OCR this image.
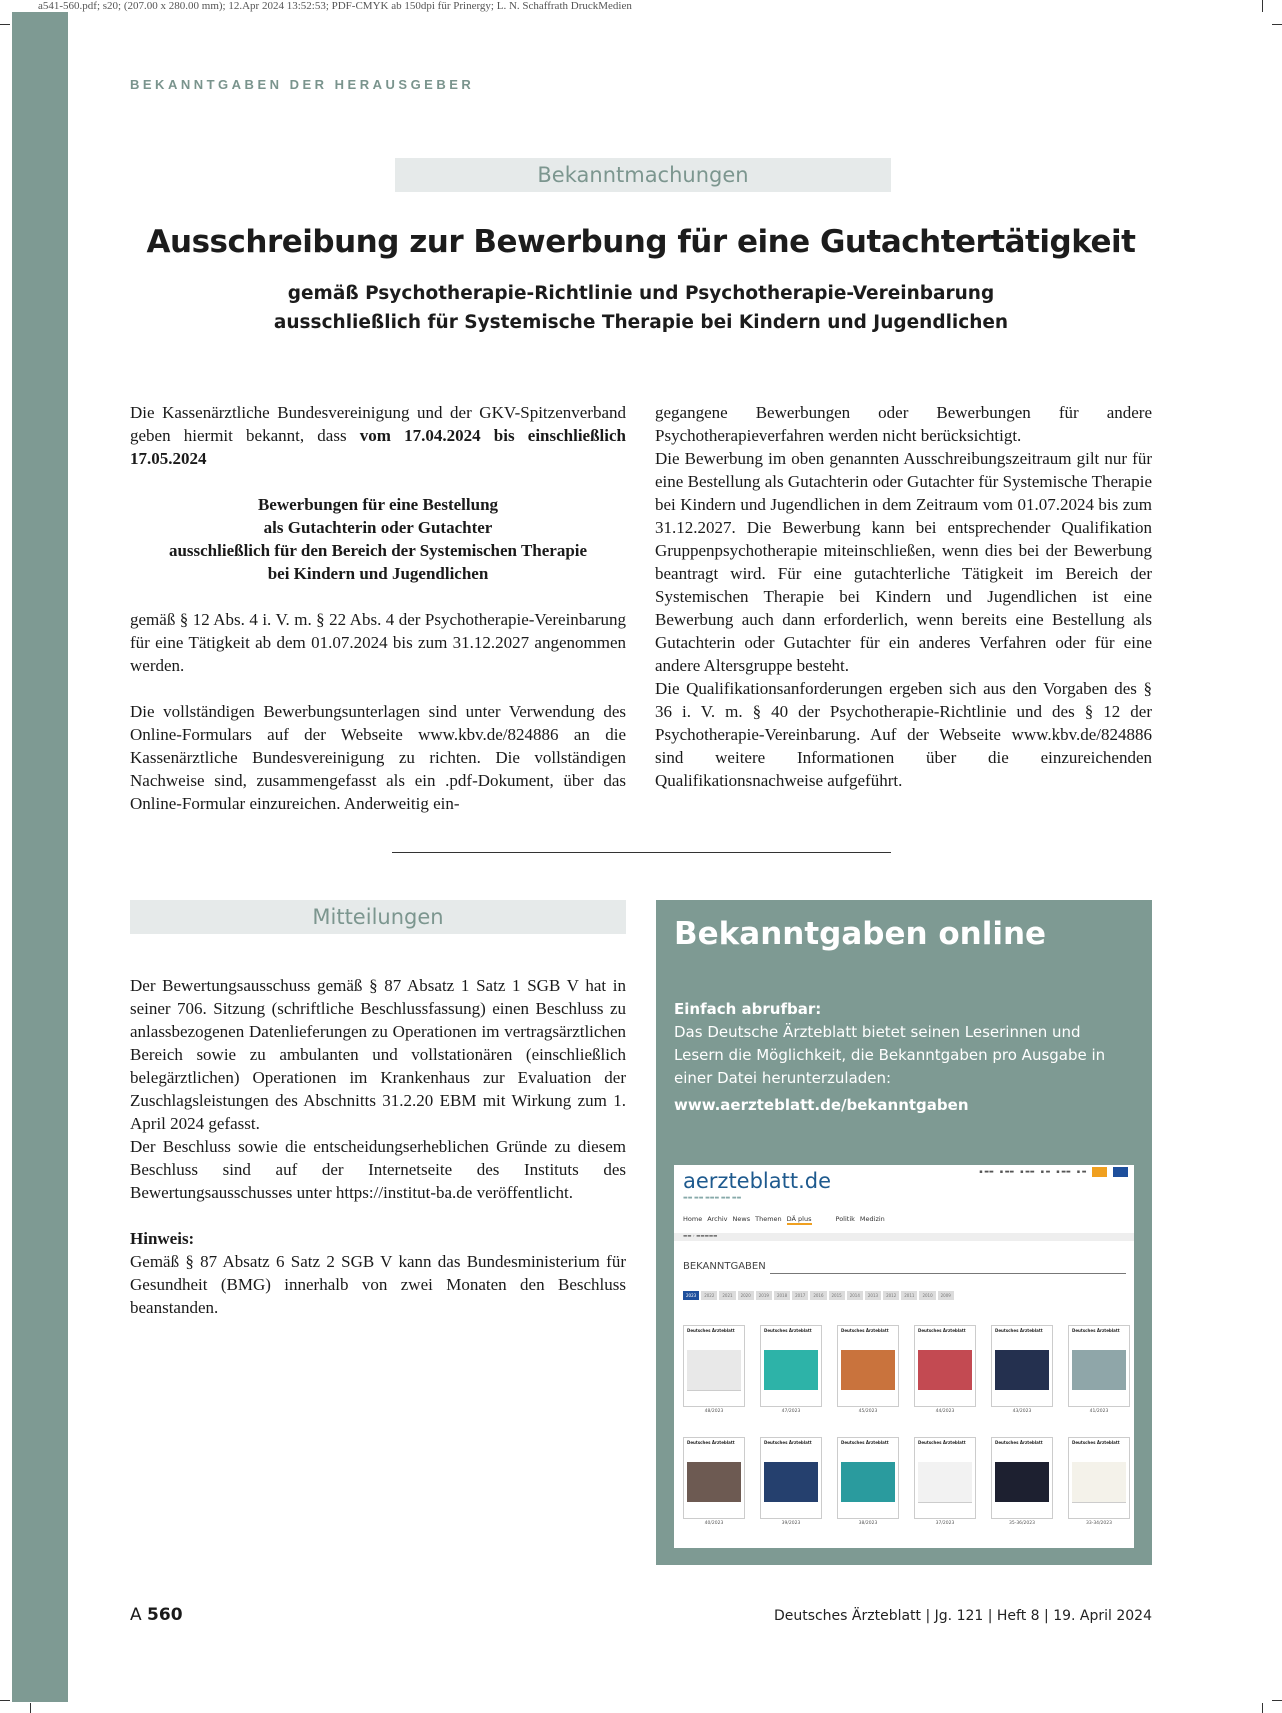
a541-560.pdf; s20; (207.00 x 280.00 mm); 12.Apr 2024 13:52:53; PDF-CMYK ab 150dpi für Prinergy; L. N. Schaffrath DruckMedien
BEKANNTGABEN DER HERAUSGEBER
Bekanntmachungen
Ausschreibung zur Bewerbung für eine Gutachtertätigkeit
gemäß Psychotherapie-Richtlinie und Psychotherapie-Vereinbarung
ausschließlich für Systemische Therapie bei Kindern und Jugendlichen

Die Kassenärztliche Bundesvereinigung und der GKV-Spitzenverband geben hiermit bekannt, dass vom 17.04.2024 bis einschließlich 17.05.2024

Bewerbungen für eine Bestellung
als Gutachterin oder Gutachter
ausschließlich für den Bereich der Systemischen Therapie
bei Kindern und Jugendlichen

gemäß § 12 Abs. 4 i. V. m. § 22 Abs. 4 der Psychotherapie-Vereinbarung für eine Tätigkeit ab dem 01.07.2024 bis zum 31.12.2027 angenommen werden.

Die vollständigen Bewerbungsunterlagen sind unter Verwendung des Online-Formulars auf der Webseite www.kbv.de/824886 an die Kassenärztliche Bundesvereinigung zu richten. Die vollständigen Nachweise sind, zusammengefasst als ein .pdf-Dokument, über das Online-Formular einzureichen. Anderweitig ein-

gegangene Bewerbungen oder Bewerbungen für andere Psychotherapieverfahren werden nicht berücksichtigt.

Die Bewerbung im oben genannten Ausschreibungszeitraum gilt nur für eine Bestellung als Gutachterin oder Gutachter für Systemische Therapie bei Kindern und Jugendlichen in dem Zeitraum vom 01.07.2024 bis zum 31.12.2027. Die Bewerbung kann bei entsprechender Qualifikation Gruppenpsychotherapie miteinschließen, wenn dies bei der Bewerbung beantragt wird. Für eine gutachterliche Tätigkeit im Bereich der Systemischen Therapie bei Kindern und Jugendlichen ist eine Bewerbung auch dann erforderlich, wenn bereits eine Bestellung als Gutachterin oder Gutachter für ein anderes Verfahren oder für eine andere Altersgruppe besteht.

Die Qualifikationsanforderungen ergeben sich aus den Vorgaben des § 36 i. V. m. § 40 der Psychotherapie-Richtlinie und des § 12 der Psychotherapie-Vereinbarung. Auf der Webseite www.kbv.de/824886 sind weitere Informationen über die einzureichenden Qualifikationsnachweise aufgeführt.

Mitteilungen

Der Bewertungsausschuss gemäß § 87 Absatz 1 Satz 1 SGB V hat in seiner 706. Sitzung (schriftliche Beschlussfassung) einen Beschluss zu anlassbezogenen Datenlieferungen zu Operationen im vertragsärztlichen Bereich sowie zu ambulanten und vollstationären (einschließlich belegärztlichen) Operationen im Krankenhaus zur Evaluation der Zuschlagsleistungen des Abschnitts 31.2.20 EBM mit Wirkung zum 1. April 2024 gefasst.

Der Beschluss sowie die entscheidungserheblichen Gründe zu diesem Beschluss sind auf der Internetseite des Instituts des Bewertungsausschusses unter https://institut-ba.de veröffentlicht.

Hinweis:

Gemäß § 87 Absatz 6 Satz 2 SGB V kann das Bundesministerium für Gesundheit (BMG) innerhalb von zwei Monaten den Beschluss beanstanden.

Bekanntgaben online
Einfach abrufbar:
Das Deutsche Ärzteblatt bietet seinen Leserinnen und Lesern die Möglichkeit, die Bekanntgaben pro Ausgabe in einer Datei herunterzuladen:
www.aerzteblatt.de/bekanntgaben
aerzteblatt.de
▬▬ ▬▬ ▬▬▬ ▬▬ ▬▬
▪ ▬▬ ▪ ▬▬ ▪ ▬▬ ▪ ▬ ▪ ▬▬ ▪ ▬

Home Archiv News Themen DÄ plus	Politik Medizin
▬▬ › ▬▬▬▬▬
BEKANNTGABEN
2023	2022	2021	2020	2019	2018	2017	2016	2015	2014	2013	2012	2011	2010	2009
Deutsches Ärzteblatt
48/2023
Deutsches Ärzteblatt
47/2023
Deutsches Ärzteblatt
45/2023
Deutsches Ärzteblatt
44/2023
Deutsches Ärzteblatt
43/2023
Deutsches Ärzteblatt
41/2023
Deutsches Ärzteblatt
40/2023
Deutsches Ärzteblatt
39/2023
Deutsches Ärzteblatt
38/2023
Deutsches Ärzteblatt
37/2023
Deutsches Ärzteblatt
35-36/2023
Deutsches Ärzteblatt
33-34/2023
A 560	Deutsches Ärzteblatt | Jg. 121 | Heft 8 | 19. April 2024
